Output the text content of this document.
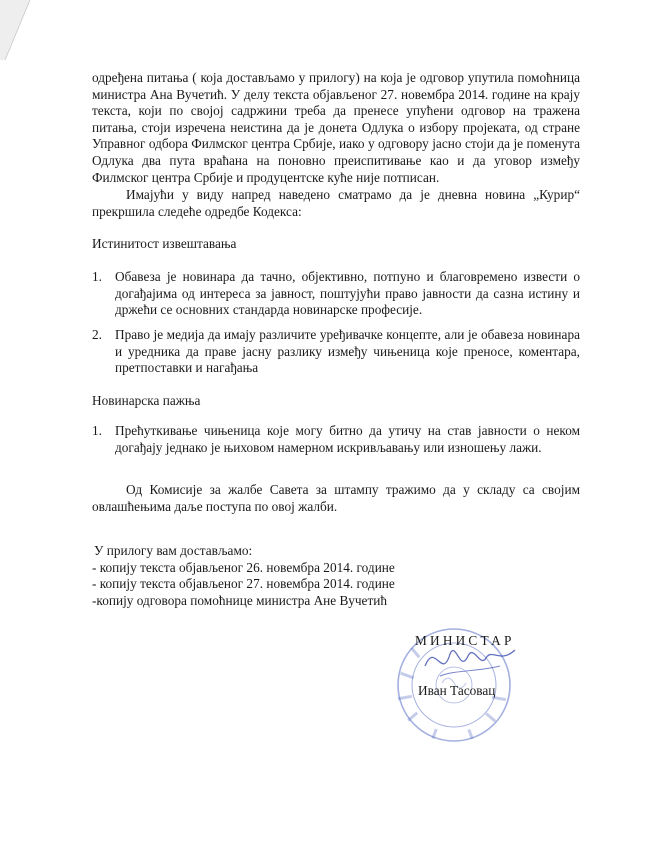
одређена питања ( која достављамо у прилогу) на која је одговор упутила помоћница министра Ана Вучетић. У делу текста објављеног 27. новембра 2014. године на крају текста, који по својој садржини треба да пренесе упућени одговор на тражена питања, стоји изречена неистина да је донета Одлука о избору пројеката, од стране Управног одбора Филмског центра Србије, иако у одговору јасно стоји да је поменута Одлука два пута враћана на поновно преиспитивање као и да уговор између Филмског центра Србије и продуцентске куће није потписан.
Имајући у виду напред наведено сматрамо да је дневна новина „Курир“ прекршила следеће одредбе Кодекса:
Истинитост извештавања
1. Обавеза је новинара да тачно, објективно, потпуно и благовремено извести о догађајима од интереса за јавност, поштујући право јавности да сазна истину и држећи се основних стандарда новинарске професије.
2. Право је медија да имају различите уређивачке концепте, али је обавеза новинара и уредника да праве јасну разлику између чињеница које преносе, коментара, претпоставки и нагађања
Новинарска пажња
1. Прећуткивање чињеница које могу битно да утичу на став јавности о неком догађају једнако је њиховом намерном искривљавању или изношењу лажи.
Од Комисије за жалбе Савета за штампу тражимо да у складу са својим овлашћењима даље поступа по овој жалби.
У прилогу вам достављамо:
- копију текста објављеног 26. новембра 2014. године
- копију текста објављеног 27. новембра 2014. године
-копију одговора помоћнице министра Ане Вучетић
МИНИСТАР
Иван Тасовац
